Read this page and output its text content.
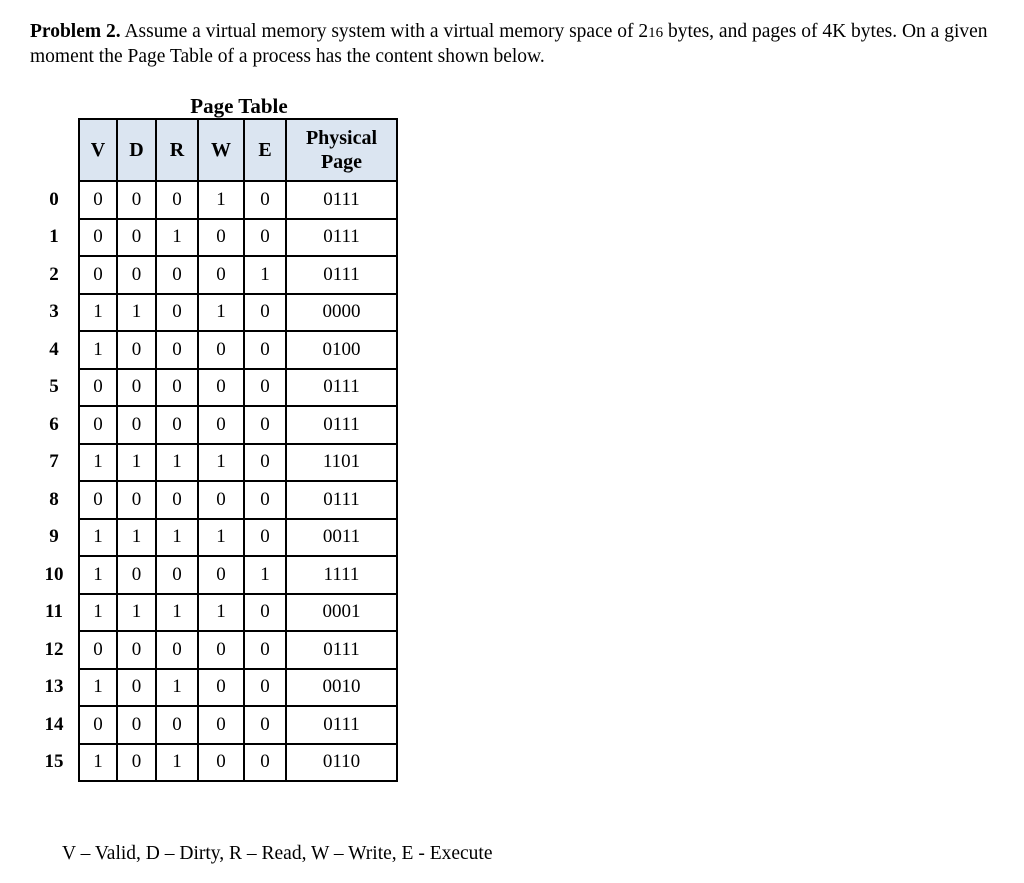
Problem 2. Assume a virtual memory system with a virtual memory space of 216 bytes, and pages of 4K bytes. On a given moment the Page Table of a process has the content shown below.
Page Table
	V	D	R	W	E	Physical Page
0	0	0	0	1	0	0111
1	0	0	1	0	0	0111
2	0	0	0	0	1	0111
3	1	1	0	1	0	0000
4	1	0	0	0	0	0100
5	0	0	0	0	0	0111
6	0	0	0	0	0	0111
7	1	1	1	1	0	1101
8	0	0	0	0	0	0111
9	1	1	1	1	0	0011
10	1	0	0	0	1	1111
11	1	1	1	1	0	0001
12	0	0	0	0	0	0111
13	1	0	1	0	0	0010
14	0	0	0	0	0	0111
15	1	0	1	0	0	0110
V – Valid, D – Dirty, R – Read, W – Write, E - Execute
